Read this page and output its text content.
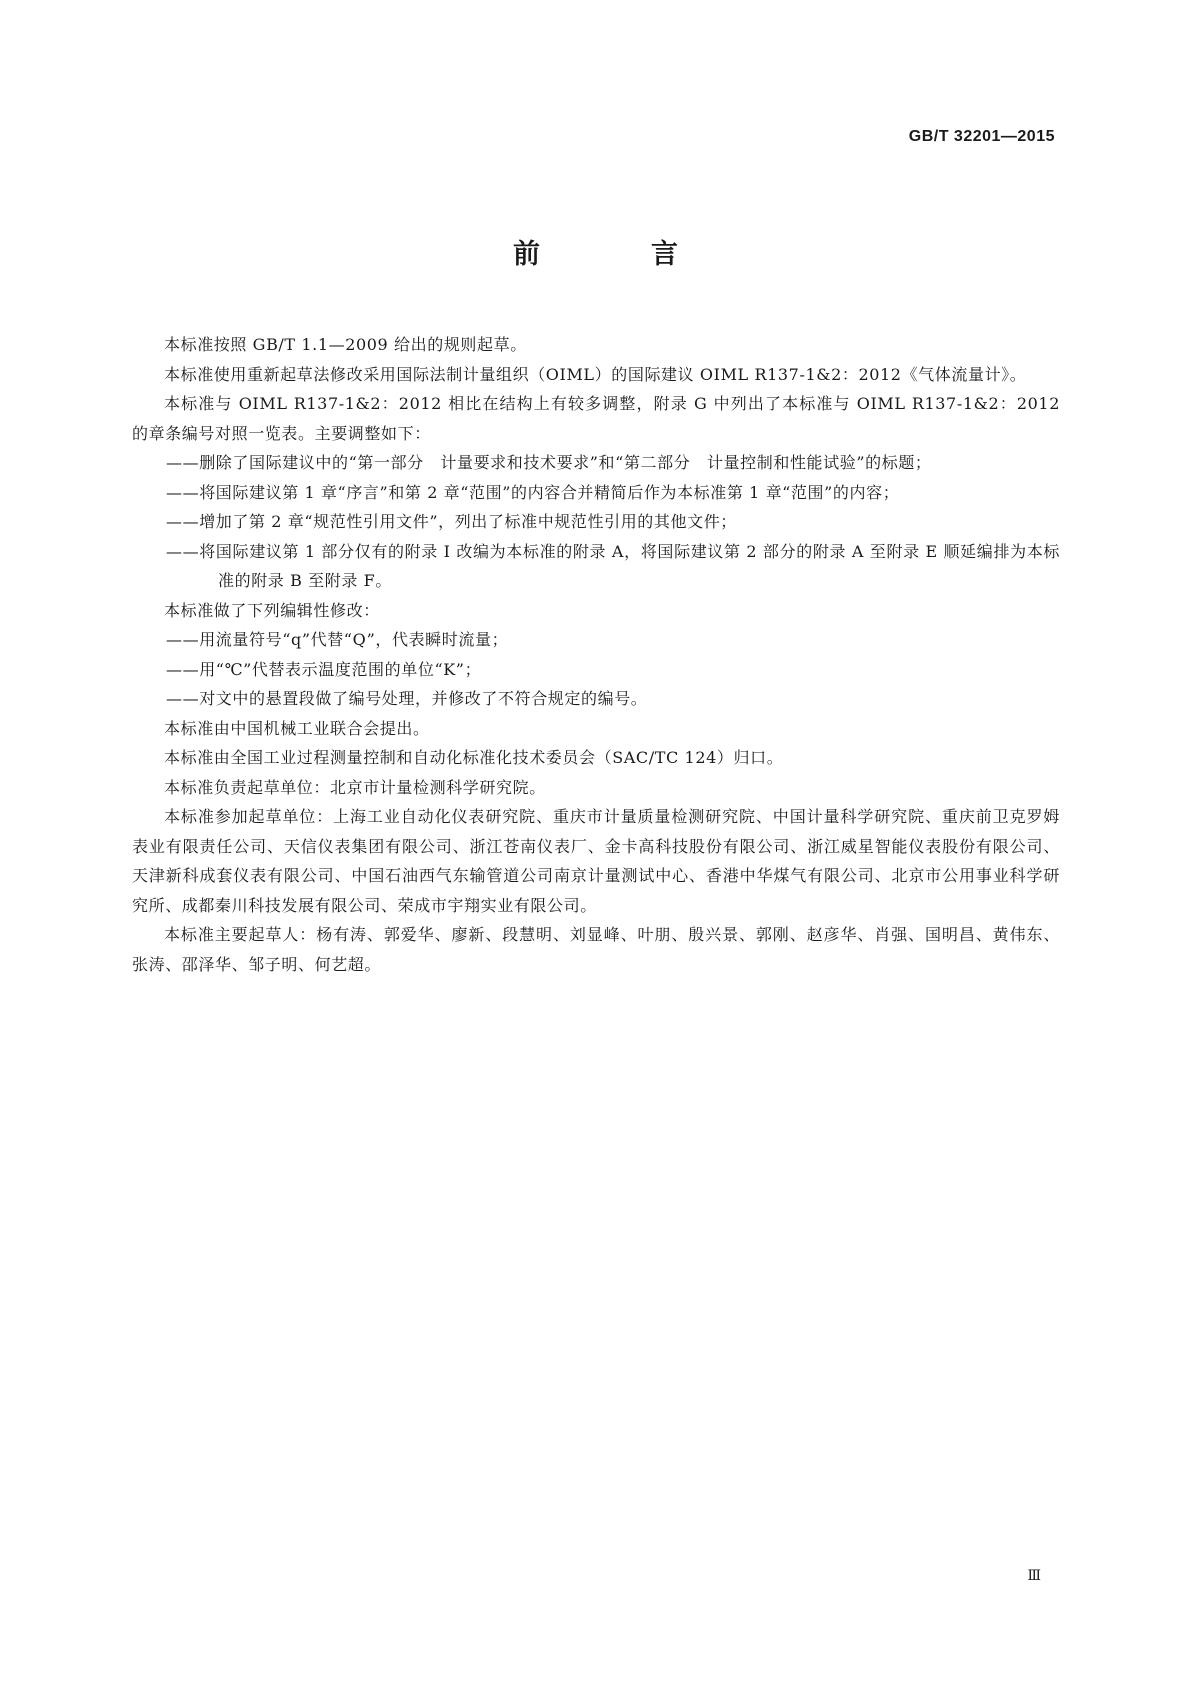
GB/T 32201—2015
前　言

本标准按照 GB/T 1.1—2009 给出的规则起草。

本标准使用重新起草法修改采用国际法制计量组织（OIML）的国际建议 OIML R137-1&2：2012《气体流量计》。

本标准与 OIML R137-1&2：2012 相比在结构上有较多调整，附录 G 中列出了本标准与 OIML R137-1&2：2012 的章条编号对照一览表。主要调整如下：

——删除了国际建议中的“第一部分　计量要求和技术要求”和“第二部分　计量控制和性能试验”的标题；

——将国际建议第 1 章“序言”和第 2 章“范围”的内容合并精简后作为本标准第 1 章“范围”的内容；

——增加了第 2 章“规范性引用文件”，列出了标准中规范性引用的其他文件；

——将国际建议第 1 部分仅有的附录 I 改编为本标准的附录 A，将国际建议第 2 部分的附录 A 至附录 E 顺延编排为本标准的附录 B 至附录 F。

本标准做了下列编辑性修改：

——用流量符号“q”代替“Q”，代表瞬时流量；

——用“℃”代替表示温度范围的单位“K”；

——对文中的悬置段做了编号处理，并修改了不符合规定的编号。

本标准由中国机械工业联合会提出。

本标准由全国工业过程测量控制和自动化标准化技术委员会（SAC/TC 124）归口。

本标准负责起草单位：北京市计量检测科学研究院。

本标准参加起草单位：上海工业自动化仪表研究院、重庆市计量质量检测研究院、中国计量科学研究院、重庆前卫克罗姆表业有限责任公司、天信仪表集团有限公司、浙江苍南仪表厂、金卡高科技股份有限公司、浙江威星智能仪表股份有限公司、天津新科成套仪表有限公司、中国石油西气东输管道公司南京计量测试中心、香港中华煤气有限公司、北京市公用事业科学研究所、成都秦川科技发展有限公司、荣成市宇翔实业有限公司。

本标准主要起草人：杨有涛、郭爱华、廖新、段慧明、刘显峰、叶朋、殷兴景、郭刚、赵彦华、肖强、国明昌、黄伟东、张涛、邵泽华、邹子明、何艺超。

Ⅲ
